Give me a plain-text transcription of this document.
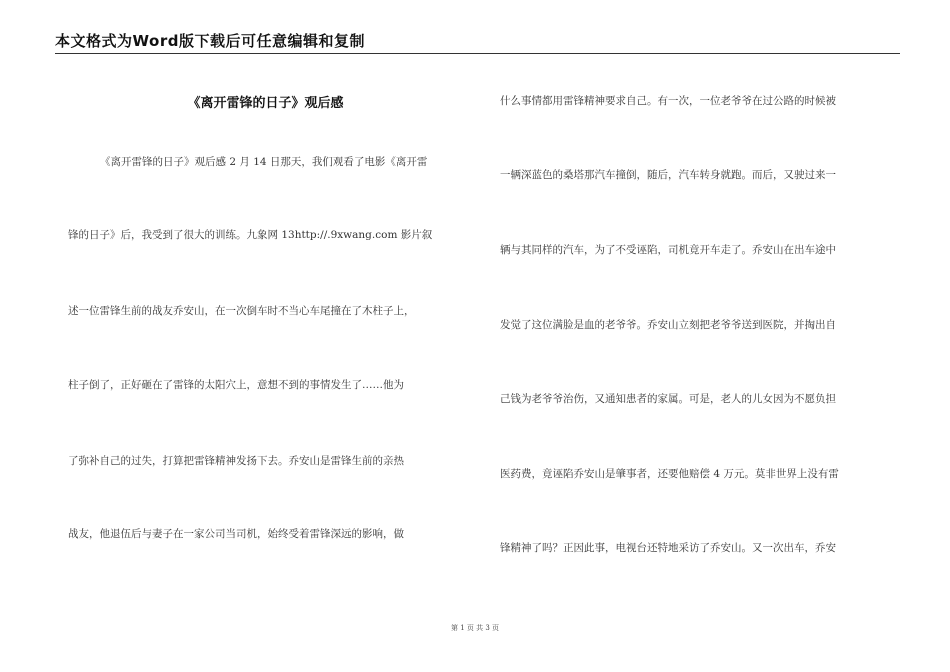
本文格式为Word版下载后可任意编辑和复制
《离开雷锋的日子》观后感
《离开雷锋的日子》观后感 2 月 14 日那天，我们观看了电影《离开雷
锋的日子》后，我受到了很大的训练。九象网 13http://.9xwang.com 影片叙
述一位雷锋生前的战友乔安山，在一次倒车时不当心车尾撞在了木柱子上，
柱子倒了，正好砸在了雷锋的太阳穴上，意想不到的事情发生了……他为
了弥补自己的过失，打算把雷锋精神发扬下去。乔安山是雷锋生前的亲热
战友，他退伍后与妻子在一家公司当司机，始终受着雷锋深远的影响，做
什么事情都用雷锋精神要求自己。有一次，一位老爷爷在过公路的时候被
一辆深蓝色的桑塔那汽车撞倒，随后，汽车转身就跑。而后，又驶过来一
辆与其同样的汽车，为了不受诬陷，司机竟开车走了。乔安山在出车途中
发觉了这位满脸是血的老爷爷。乔安山立刻把老爷爷送到医院，并掏出自
己钱为老爷爷治伤，又通知患者的家属。可是，老人的儿女因为不愿负担
医药费，竟诬陷乔安山是肇事者，还要他赔偿 4 万元。莫非世界上没有雷
锋精神了吗？正因此事，电视台还特地采访了乔安山。又一次出车，乔安
第 1 页 共 3 页
